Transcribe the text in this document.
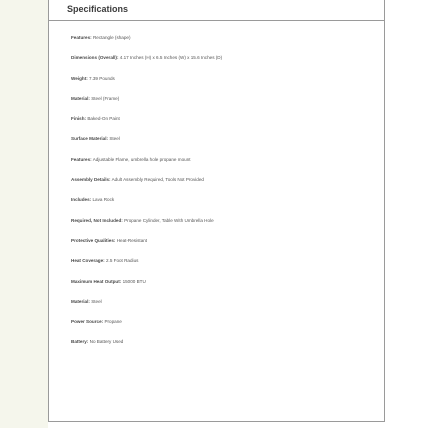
Specifications
Features: Rectangle (shape)
Dimensions (Overall): 4.17 Inches (H) x 6.5 Inches (W) x 15.6 Inches (D)
Weight: 7.39 Pounds
Material: Steel (Frame)
Finish: Baked-On Paint
Surface Material: Steel
Features: Adjustable Flame, umbrella hole propane mount
Assembly Details: Adult Assembly Required, Tools Not Provided
Includes: Lava Rock
Required, Not Included: Propane Cylinder, Table With Umbrella Hole
Protective Qualities: Heat-Resistant
Heat Coverage: 2.5 Foot Radius
Maximum Heat Output: 15000 BTU
Material: Steel
Power Source: Propane
Battery: No Battery Used
